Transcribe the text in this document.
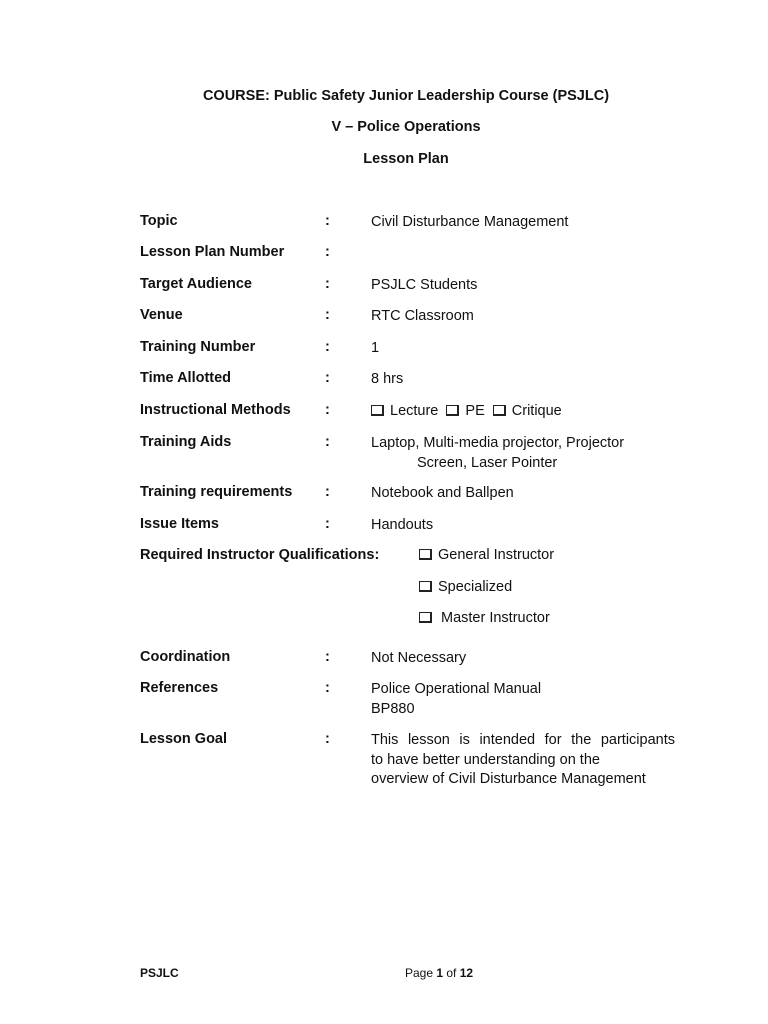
COURSE: Public Safety Junior Leadership Course (PSJLC)
V – Police Operations
Lesson Plan
Topic	:	Civil Disturbance Management
Lesson Plan Number	:
Target Audience	:	PSJLC Students
Venue	:	RTC Classroom
Training Number	:	1
Time Allotted	:	8 hrs
Instructional Methods :	Lecture PE Critique
Training Aids	:	Laptop, Multi-media projector, Projector
Screen, Laser Pointer
Training requirements :	Notebook and Ballpen
Issue Items	:	Handouts
Required Instructor Qualifications:	General Instructor
Specialized
Master Instructor
Coordination	:	Not Necessary
References	:	Police Operational Manual
BP880
Lesson Goal	:	This lesson is intended for the participants
to have better understanding on the
overview of Civil Disturbance Management
PSJLC	Page 1 of 12
